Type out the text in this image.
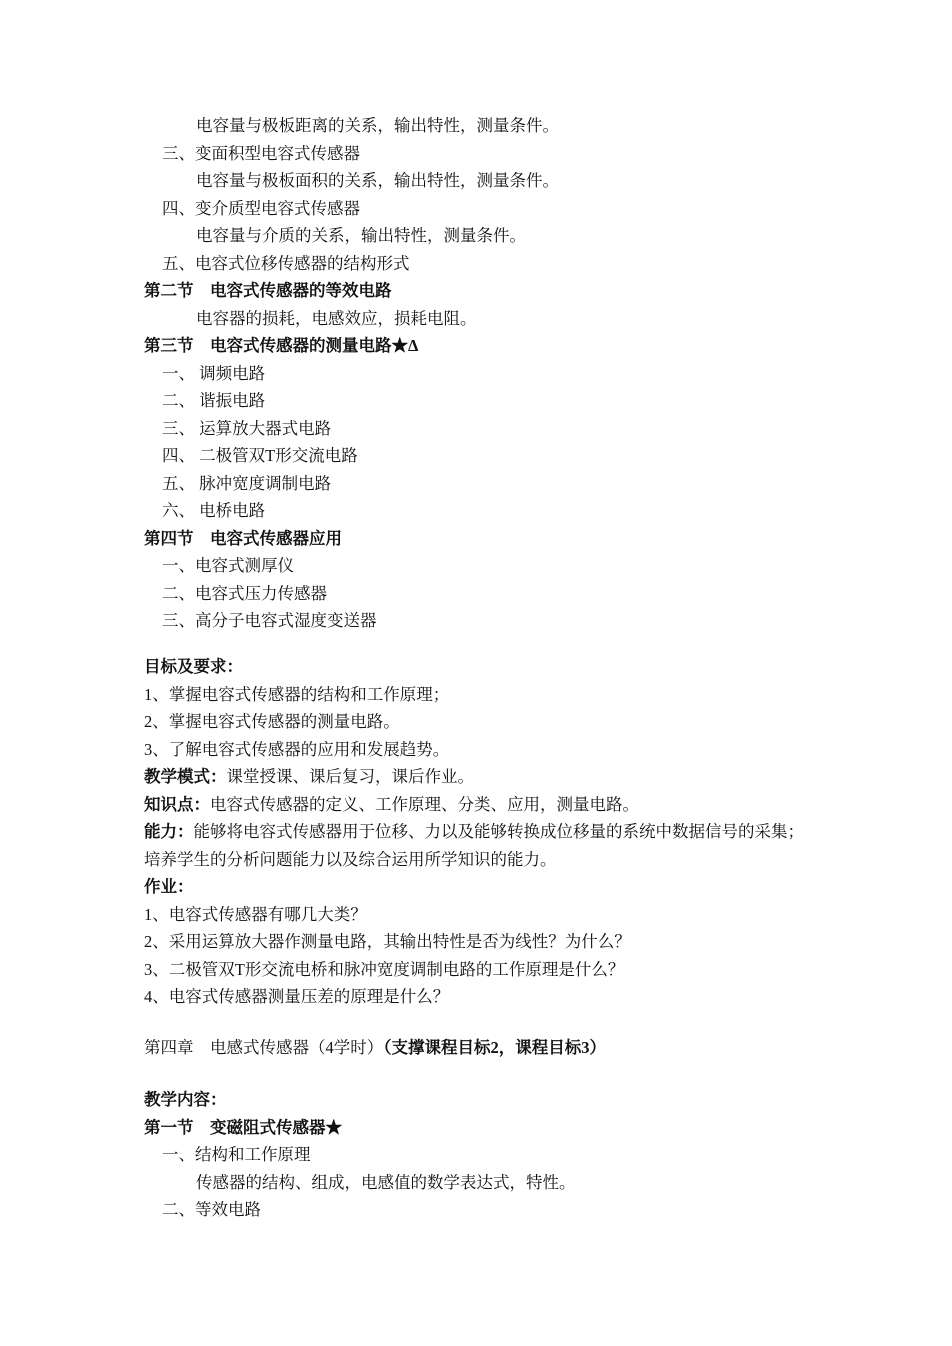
电容量与极板距离的关系，输出特性，测量条件。
三、变面积型电容式传感器
电容量与极板面积的关系，输出特性，测量条件。
四、变介质型电容式传感器
电容量与介质的关系，输出特性，测量条件。
五、电容式位移传感器的结构形式
第二节　电容式传感器的等效电路
电容器的损耗，电感效应，损耗电阻。
第三节　电容式传感器的测量电路★Δ
一、 调频电路
二、 谐振电路
三、 运算放大器式电路
四、 二极管双T形交流电路
五、 脉冲宽度调制电路
六、 电桥电路
第四节　电容式传感器应用
一、电容式测厚仪
二、电容式压力传感器
三、高分子电容式湿度变送器
目标及要求：
1、掌握电容式传感器的结构和工作原理；
2、掌握电容式传感器的测量电路。
3、了解电容式传感器的应用和发展趋势。
教学模式：课堂授课、课后复习，课后作业。
知识点：电容式传感器的定义、工作原理、分类、应用，测量电路。
能力：能够将电容式传感器用于位移、力以及能够转换成位移量的系统中数据信号的采集；
培养学生的分析问题能力以及综合运用所学知识的能力。
作业：
1、电容式传感器有哪几大类？
2、采用运算放大器作测量电路，其输出特性是否为线性？为什么？
3、二极管双T形交流电桥和脉冲宽度调制电路的工作原理是什么？
4、电容式传感器测量压差的原理是什么？
第四章　电感式传感器（4学时）（支撑课程目标2，课程目标3）
教学内容：
第一节　变磁阻式传感器★
一、结构和工作原理
传感器的结构、组成，电感值的数学表达式，特性。
二、等效电路
